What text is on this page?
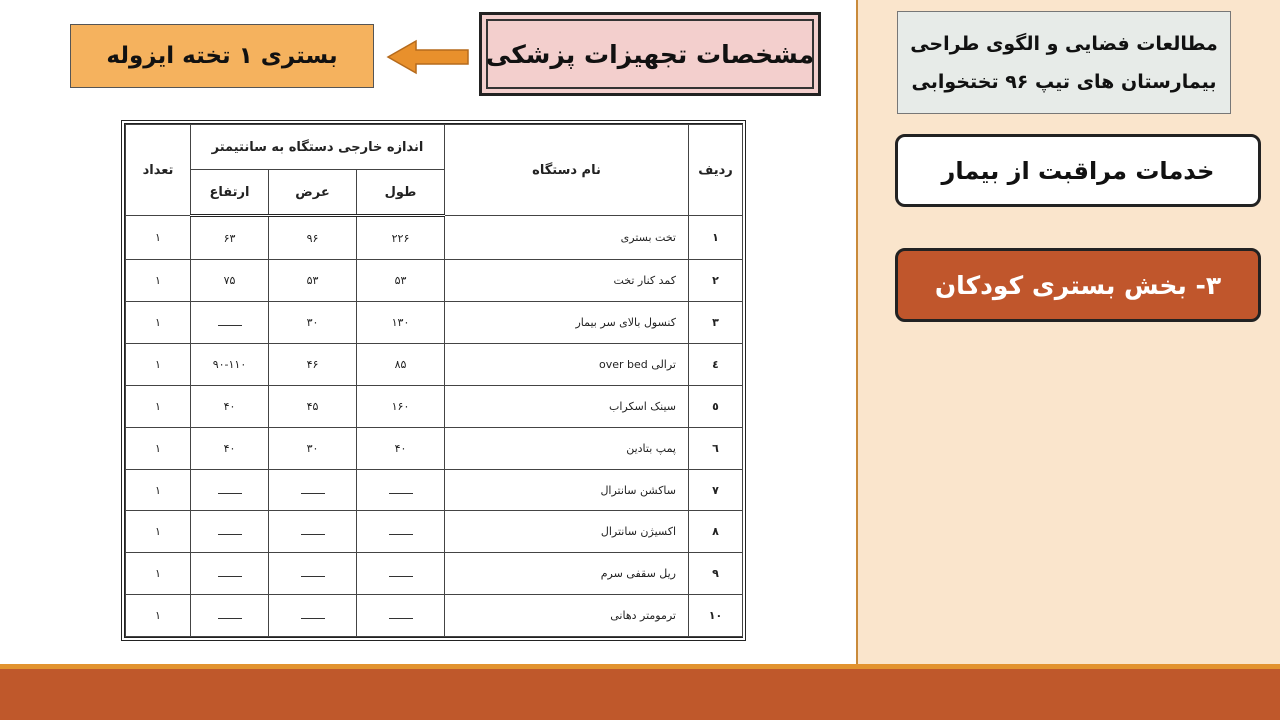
مطالعات فضایی و الگوی طراحی بیمارستان های تیپ ۹۶ تختخوابی
خدمات مراقبت از بیمار
۳- بخش بستری کودکان
مشخصات تجهیزات پزشکی
بستری ۱ تخته ایزوله
ردیف	نام دستگاه	اندازه خارجی دستگاه به سانتیمتر			تعداد
		طول	عرض	ارتفاع	
۱	تخت بستری	۲۲۶	۹۶	۶۳	۱
۲	کمد کنار تخت	۵۳	۵۳	۷۵	۱
۳	کنسول بالای سر بیمار	۱۳۰	۳۰		۱
٤	ترالی over bed	۸۵	۴۶	۹۰-۱۱۰	۱
٥	سینک اسکراب	۱۶۰	۴۵	۴۰	۱
٦	پمپ بتادین	۴۰	۳۰	۴۰	۱
۷	ساکشن سانترال				۱
۸	اکسیژن سانترال				۱
۹	ریل سقفی سرم				۱
۱۰	ترمومتر دهانی				۱
